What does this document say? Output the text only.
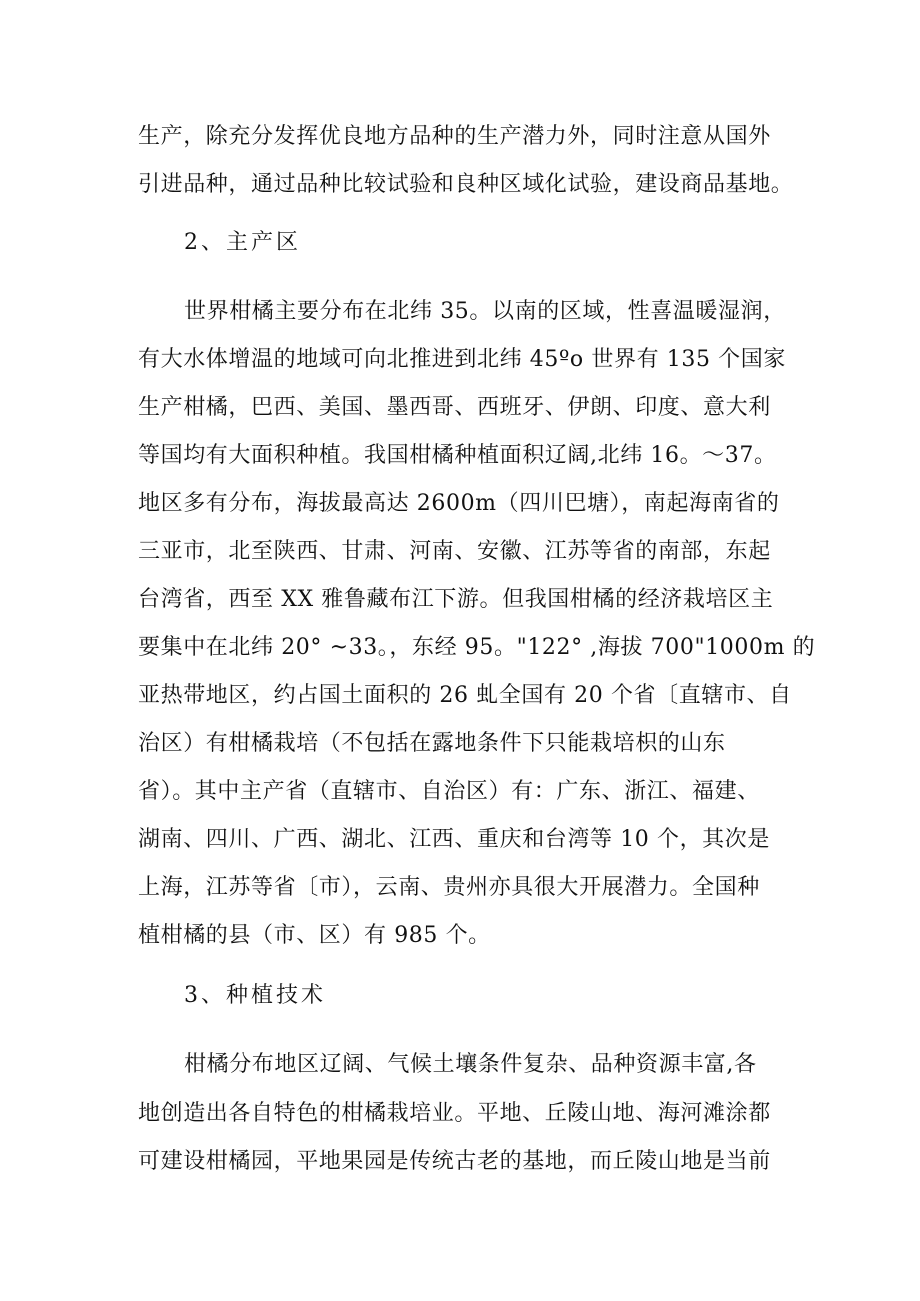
生产，除充分发挥优良地方品种的生产潜力外，同时注意从国外
引进品种，通过品种比较试验和良种区域化试验，建设商品基地。
2、主产区
世界柑橘主要分布在北纬 35。以南的区域，性喜温暖湿润，
有大水体增温的地域可向北推进到北纬 45ºo 世界有 135 个国家
生产柑橘，巴西、美国、墨西哥、西班牙、伊朗、印度、意大利
等国均有大面积种植。我国柑橘种植面积辽阔,北纬 16。～37。
地区多有分布，海拔最高达 2600m（四川巴塘），南起海南省的
三亚市，北至陕西、甘肃、河南、安徽、江苏等省的南部，东起
台湾省，西至 XX 雅鲁藏布江下游。但我国柑橘的经济栽培区主
要集中在北纬 20° ~33。，东经 95。"122° ,海拔 700"1000m 的
亚热带地区，约占国土面积的 26 虬全国有 20 个省〔直辖市、自
治区）有柑橘栽培（不包括在露地条件下只能栽培枳的山东
省）。其中主产省（直辖市、自治区）有：广东、浙江、福建、
湖南、四川、广西、湖北、江西、重庆和台湾等 10 个，其次是
上海，江苏等省〔市），云南、贵州亦具很大开展潜力。全国种
植柑橘的县（市、区）有 985 个。
3、种植技术
柑橘分布地区辽阔、气候土壤条件复杂、品种资源丰富,各
地创造出各自特色的柑橘栽培业。平地、丘陵山地、海河滩涂都
可建设柑橘园，平地果园是传统古老的基地，而丘陵山地是当前
